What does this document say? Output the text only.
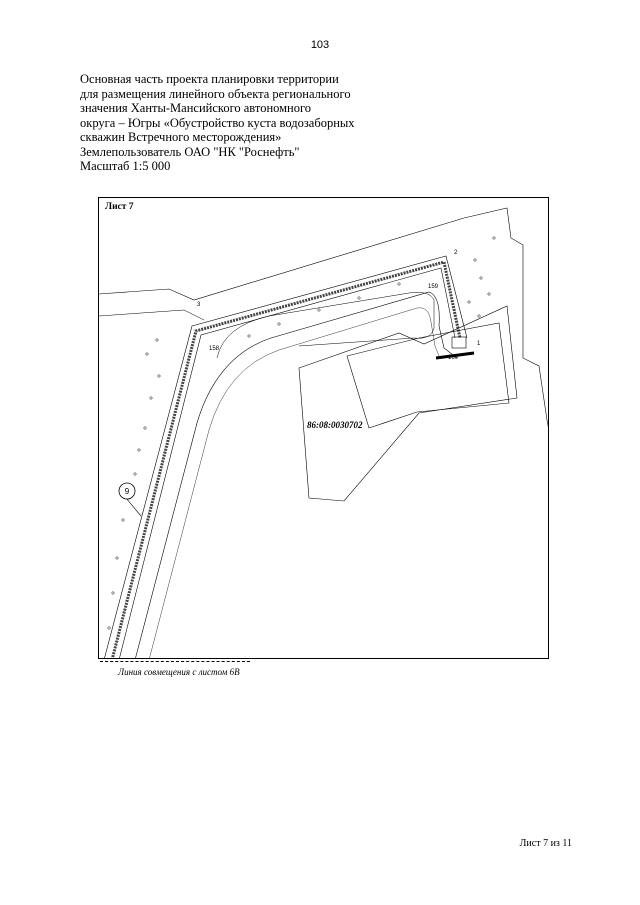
103
Основная часть проекта планировки территории
для размещения линейного объекта регионального
значения Ханты-Мансийского автономного
округа – Югры «Обустройство куста водозаборных
скважин Встречного месторождения»
Землепользователь ОАО "НК "Роснефть"
Масштаб 1:5 000
Лист 7
9
1
2
3
158
159
160
86:08:0030702
Линия совмещения с листом 6В
Лист 7 из 11
